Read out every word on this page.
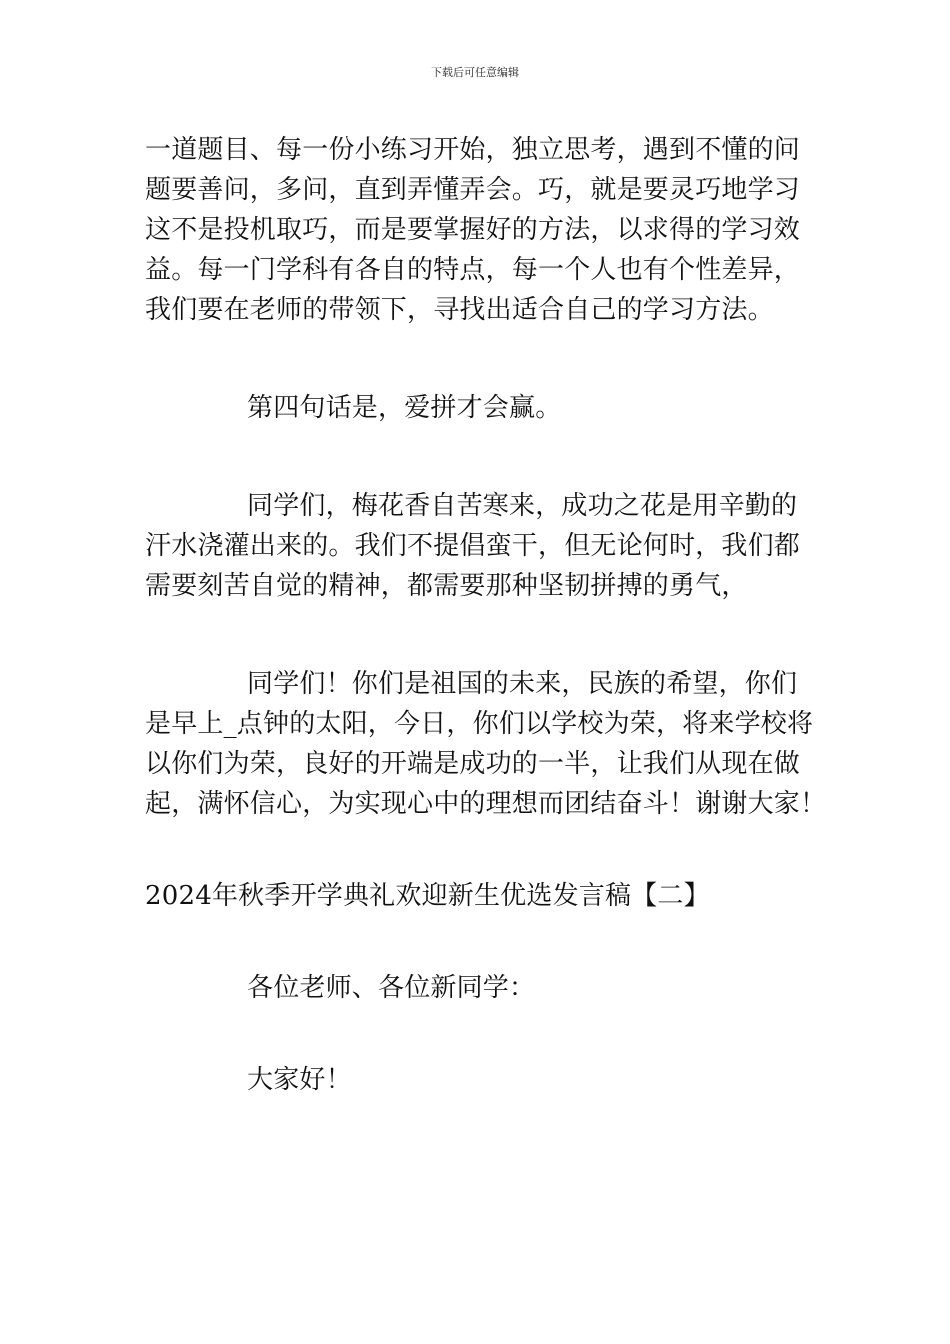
下载后可任意编辑
一道题目、每一份小练习开始，独立思考，遇到不懂的问
题要善问，多问，直到弄懂弄会。巧，就是要灵巧地学习
这不是投机取巧，而是要掌握好的方法，以求得的学习效
益。每一门学科有各自的特点，每一个人也有个性差异，
我们要在老师的带领下，寻找出适合自己的学习方法。
第四句话是，爱拼才会赢。
同学们，梅花香自苦寒来，成功之花是用辛勤的
汗水浇灌出来的。我们不提倡蛮干，但无论何时，我们都
需要刻苦自觉的精神，都需要那种坚韧拼搏的勇气，
同学们！你们是祖国的未来，民族的希望，你们
是早上_点钟的太阳，今日，你们以学校为荣，将来学校将
以你们为荣，良好的开端是成功的一半，让我们从现在做
起，满怀信心，为实现心中的理想而团结奋斗！谢谢大家！
2024年秋季开学典礼欢迎新生优选发言稿【二】
各位老师、各位新同学：
大家好！
